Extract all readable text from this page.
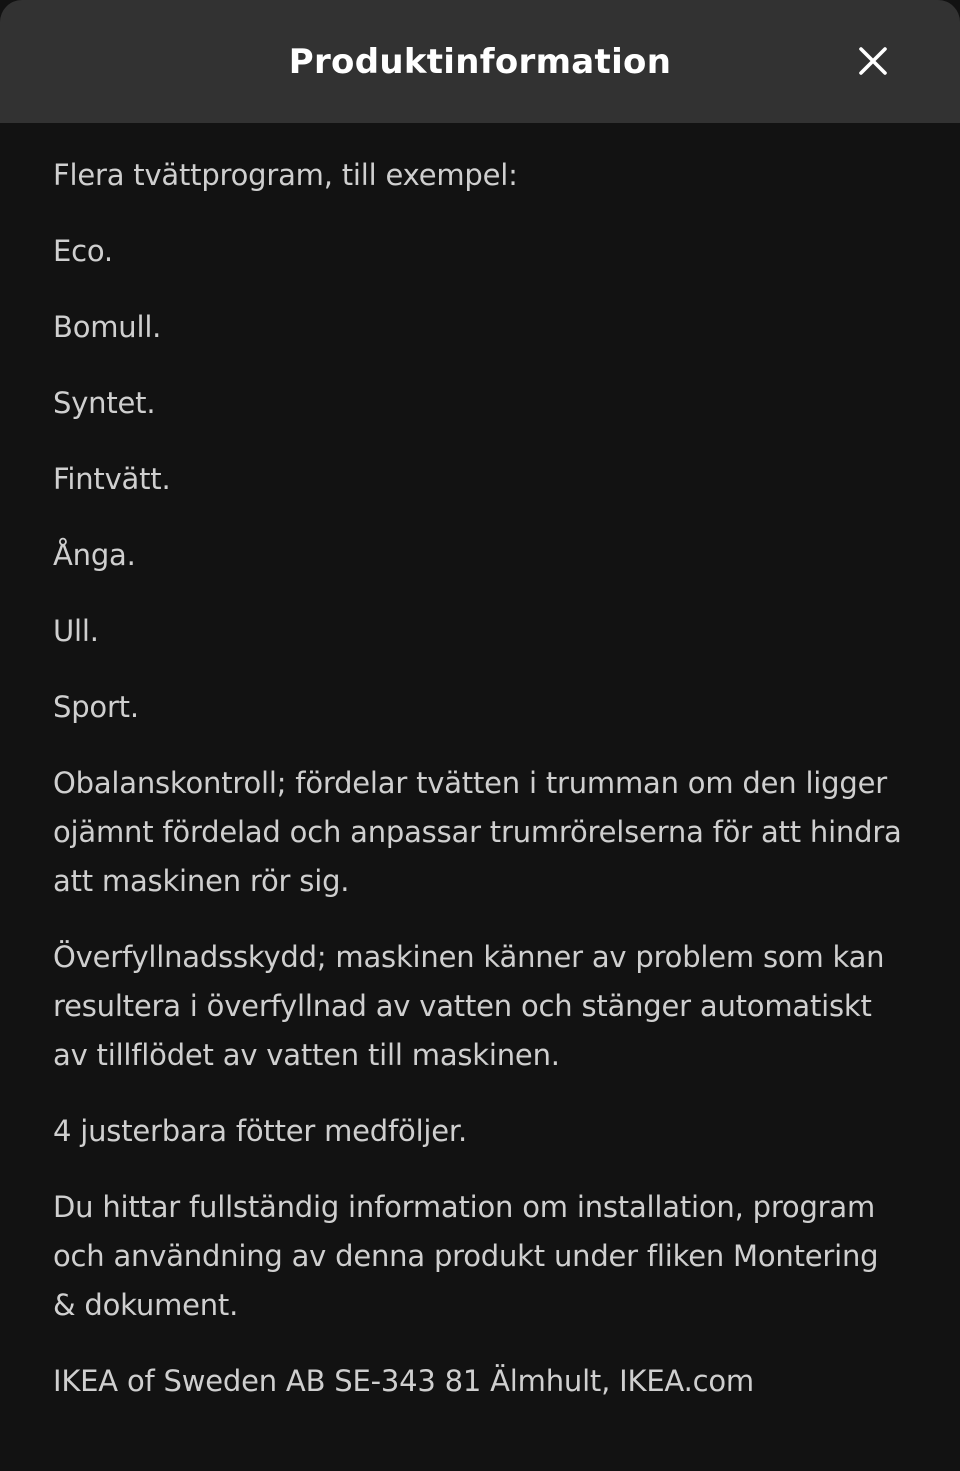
Flera tvättprogram, till exempel:

Eco.

Bomull.

Syntet.

Fintvätt.

Ånga.

Ull.

Sport.

Obalanskontroll; fördelar tvätten i trumman om den ligger ojämnt fördelad och anpassar trumrörelserna för att hindra att maskinen rör sig.

Överfyllnadsskydd; maskinen känner av problem som kan resultera i överfyllnad av vatten och stänger automatiskt av tillflödet av vatten till maskinen.

4 justerbara fötter medföljer.

Du hittar fullständig information om installation, program och användning av denna produkt under fliken Montering & dokument.

IKEA of Sweden AB SE-343 81 Älmhult, IKEA.com

Produktinformation
